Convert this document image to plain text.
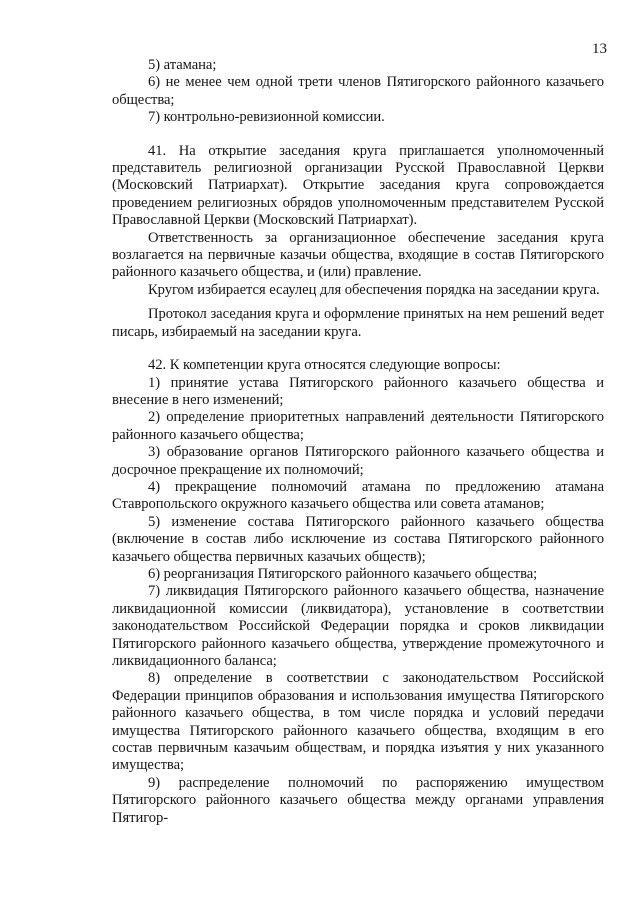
13

5) атамана;

6) не менее чем одной трети членов Пятигорского районного казачьего общества;

7) контрольно-ревизионной комиссии.

41. На открытие заседания круга приглашается уполномоченный представитель религиозной организации Русской Православной Церкви (Московский Патриархат). Открытие заседания круга сопровождается проведением религиозных обрядов уполномоченным представителем Русской Православной Церкви (Московский Патриархат).

Ответственность за организационное обеспечение заседания круга возлагается на первичные казачьи общества, входящие в состав Пятигорского районного казачьего общества, и (или) правление.

Кругом избирается есаулец для обеспечения порядка на заседании круга.

Протокол заседания круга и оформление принятых на нем решений ведет писарь, избираемый на заседании круга.

42. К компетенции круга относятся следующие вопросы:

1) принятие устава Пятигорского районного казачьего общества и внесение в него изменений;

2) определение приоритетных направлений деятельности Пятигорского районного казачьего общества;

3) образование органов Пятигорского районного казачьего общества и досрочное прекращение их полномочий;

4) прекращение полномочий атамана по предложению атамана Ставропольского окружного казачьего общества или совета атаманов;

5) изменение состава Пятигорского районного казачьего общества (включение в состав либо исключение из состава Пятигорского районного казачьего общества первичных казачьих обществ);

6) реорганизация Пятигорского районного казачьего общества;

7) ликвидация Пятигорского районного казачьего общества, назначение ликвидационной комиссии (ликвидатора), установление в соответствии законодательством Российской Федерации порядка и сроков ликвидации Пятигорского районного казачьего общества, утверждение промежуточного и ликвидационного баланса;

8) определение в соответствии с законодательством Российской Федерации принципов образования и использования имущества Пятигорского районного казачьего общества, в том числе порядка и условий передачи имущества Пятигорского районного казачьего общества, входящим в его состав первичным казачьим обществам, и порядка изъятия у них указанного имущества;

9) распределение полномочий по распоряжению имуществом Пятигорского районного казачьего общества между органами управления Пятигор-
